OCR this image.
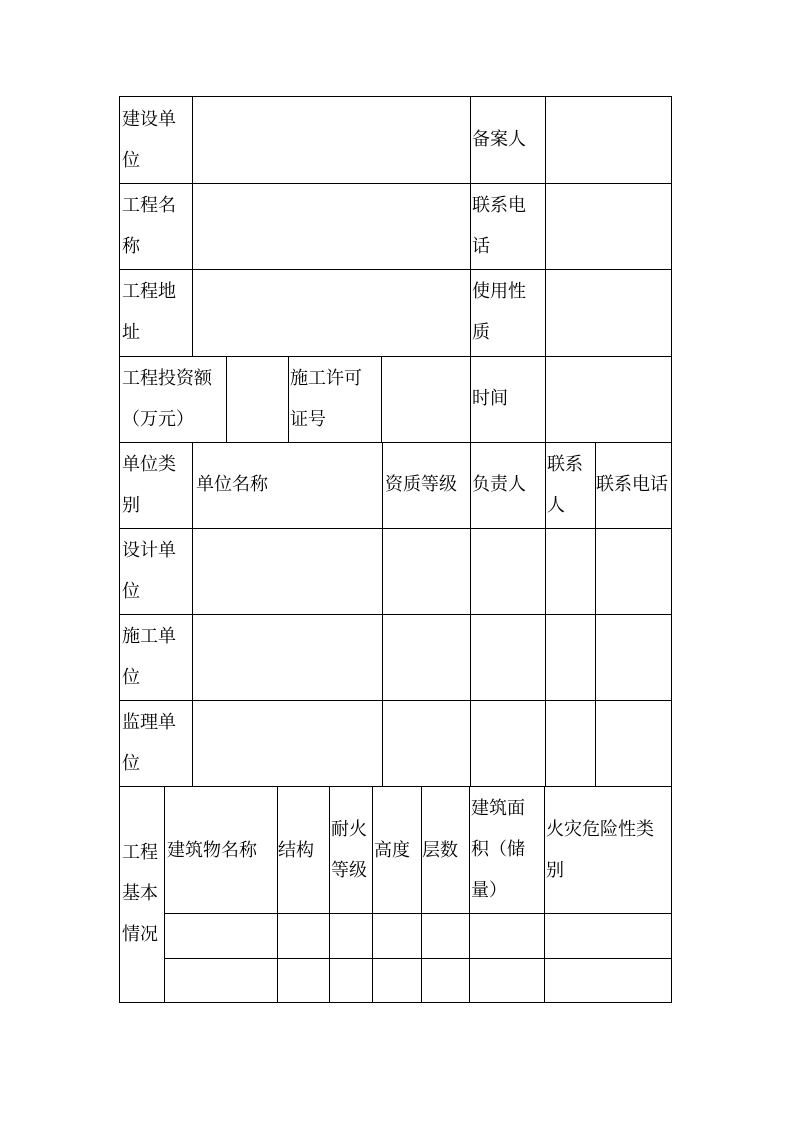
建设单
位
备案人
工程名
称
联系电
话
工程地
址
使用性
质
工程投资额
（万元）
施工许可
证号
时间
单位类
别
单位名称	资质等级 负责人
联系
人
联系电话
设计单
位
施工单
位
监理单
位
工程
基本
情况
建筑物名称 结构
耐火
等级
高度 层数
建筑面
积（储
量）
火灾危险性类
别
